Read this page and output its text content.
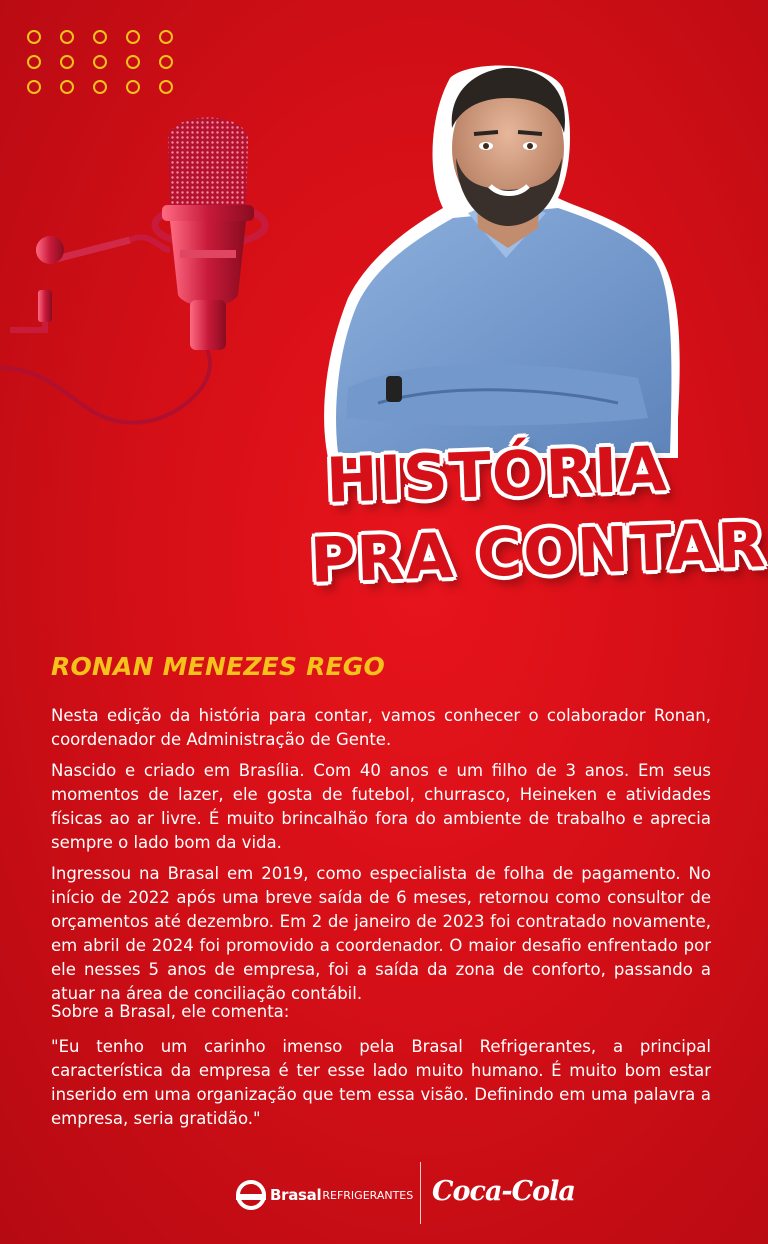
HISTÓRIA
PRA CONTAR
RONAN MENEZES REGO
Nesta edição da história para contar, vamos conhecer o colaborador Ronan, coordenador de Administração de Gente.
Nascido e criado em Brasília. Com 40 anos e um filho de 3 anos. Em seus momentos de lazer, ele gosta de futebol, churrasco, Heineken e atividades físicas ao ar livre. É muito brincalhão fora do ambiente de trabalho e aprecia sempre o lado bom da vida.
Ingressou na Brasal em 2019, como especialista de folha de pagamento. No início de 2022 após uma breve saída de 6 meses, retornou como consultor de orçamentos até dezembro. Em 2 de janeiro de 2023 foi contratado novamente, em abril de 2024 foi promovido a coordenador. O maior desafio enfrentado por ele nesses 5 anos de empresa, foi a saída da zona de conforto, passando a atuar na área de conciliação contábil.
Sobre a Brasal, ele comenta:
"Eu tenho um carinho imenso pela Brasal Refrigerantes, a principal característica da empresa é ter esse lado muito humano. É muito bom estar inserido em uma organização que tem essa visão. Definindo em uma palavra a empresa, seria gratidão."
Brasal REFRIGERANTES Coca-Cola
